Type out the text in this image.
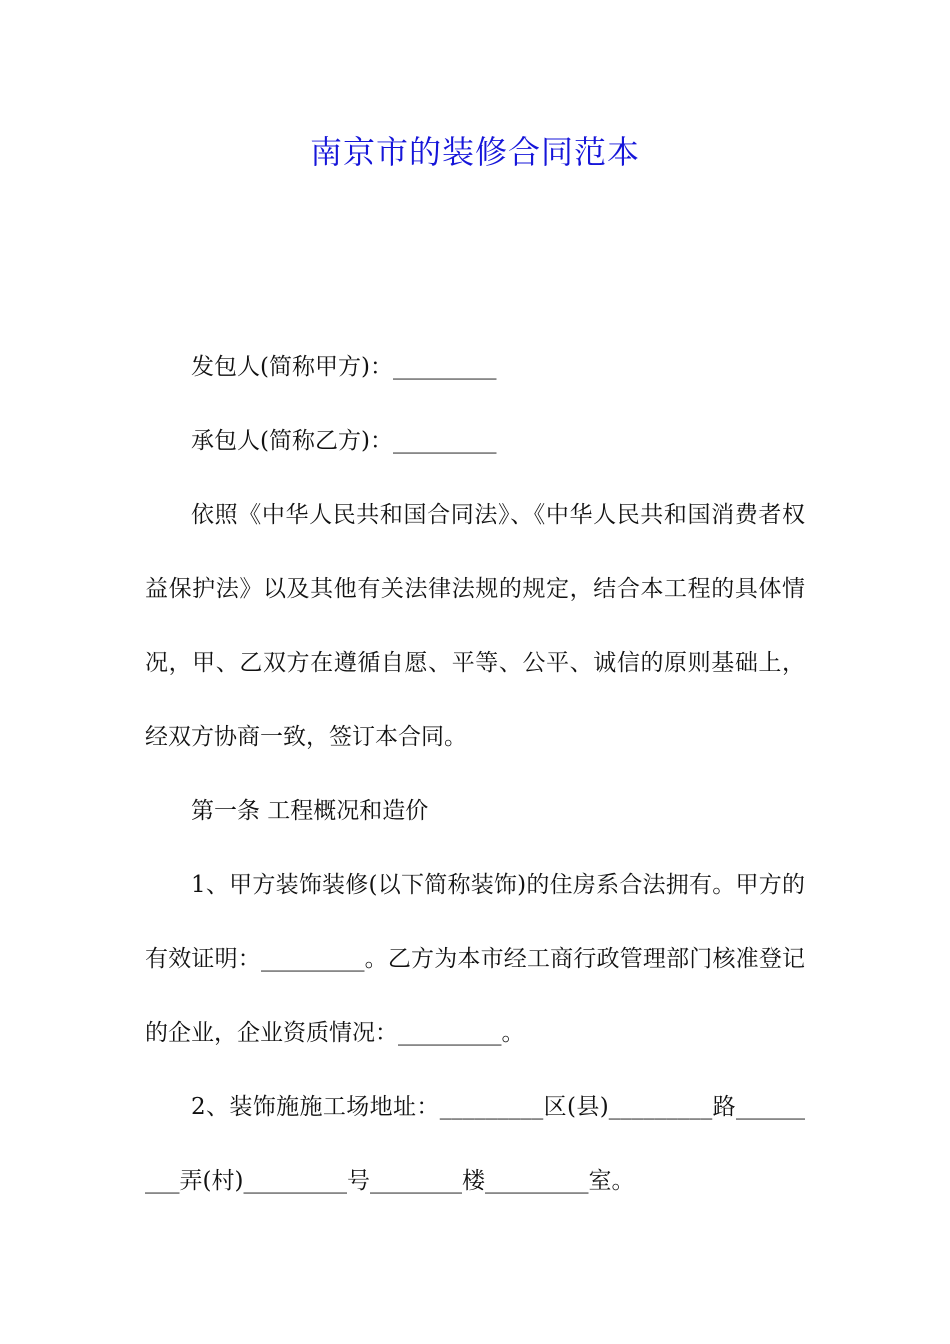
南京市的装修合同范本

发包人(简称甲方)：_________

承包人(简称乙方)：_________

依照《中华人民共和国合同法》、《中华人民共和国消费者权益保护法》以及其他有关法律法规的规定，结合本工程的具体情况，甲、乙双方在遵循自愿、平等、公平、诚信的原则基础上，经双方协商一致，签订本合同。

第一条 工程概况和造价

1、甲方装饰装修(以下简称装饰)的住房系合法拥有。甲方的有效证明：_________。乙方为本市经工商行政管理部门核准登记的企业，企业资质情况：_________。

2、装饰施施工场地址：_________区(县)_________路_________弄(村)_________号________楼_________室。
